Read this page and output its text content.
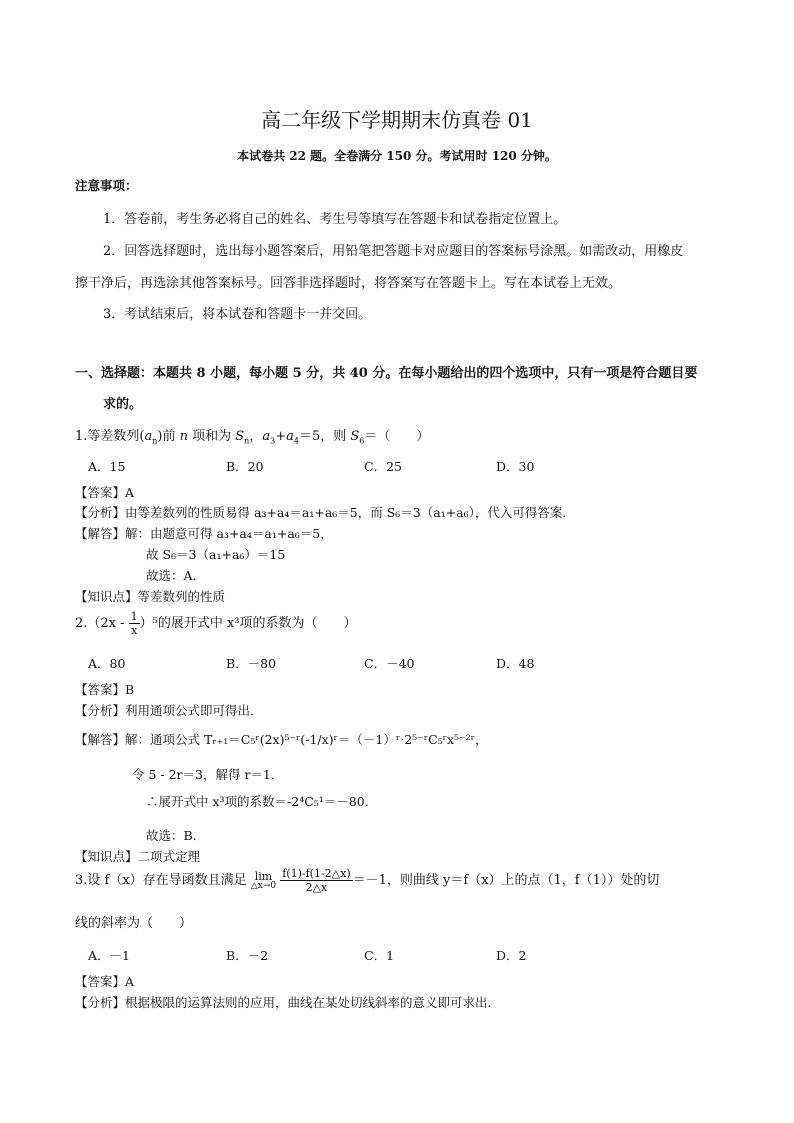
高二年级下学期期末仿真卷 01
本试卷共 22 题。全卷满分 150 分。考试用时 120 分钟。
注意事项：
1．答卷前，考生务必将自己的姓名、考生号等填写在答题卡和试卷指定位置上。
2．回答选择题时，选出每小题答案后，用铅笔把答题卡对应题目的答案标号涂黑。如需改动，用橡皮
擦干净后，再选涂其他答案标号。回答非选择题时，将答案写在答题卡上。写在本试卷上无效。
3．考试结束后，将本试卷和答题卡一并交回。
一、选择题：本题共 8 小题，每小题 5 分，共 40 分。在每小题给出的四个选项中，只有一项是符合题目要
求的。
1.等差数列$(a_n)$前 n 项和为 $S_n$，$a_3+a_4=5$，则 $S_6=$（　　）
A．15	B．20	C．25	D．30
【答案】A
【分析】由等差数列的性质易得 a₃+a₄＝a₁+a₆＝5，而 S₆＝3（a₁+a₆），代入可得答案．
【解答】解：由题意可得 a₃+a₄＝a₁+a₆＝5，
故 S₆＝3（a₁+a₆）＝15
故选：A．
【知识点】等差数列的性质
$2.(2x - \frac{1}{x} )^5$的展开式中 x³项的系数为（　　）
A．80	B．－80	C．－40	D．48
【答案】B
【分析】利用通项公式即可得出．
【解答】解：通项公式 Tᵣ₊₁＝C₅ʳ(2x)⁵⁻ʳ(-1/x)ʳ＝（－1）ʳ·2⁵⁻ʳC₅ʳx⁵⁻²ʳ，
令 5 - 2r＝3，解得 r＝1．
∴展开式中 x³项的系数＝-2⁴C₅¹＝－80．
故选：B．
【知识点】二项式定理
3.设 f（x）存在导函数且满足 lim
△x→0
$\frac{f(1)-f(1-2\triangle x)}{2\triangle x} =-1$，则曲线 y＝f（x）上的点（1，f（1））处的切
线的斜率为（　　）
A．－1	B．－2	C．1	D．2
【答案】A
【分析】根据极限的运算法则的应用，曲线在某处切线斜率的意义即可求出．
